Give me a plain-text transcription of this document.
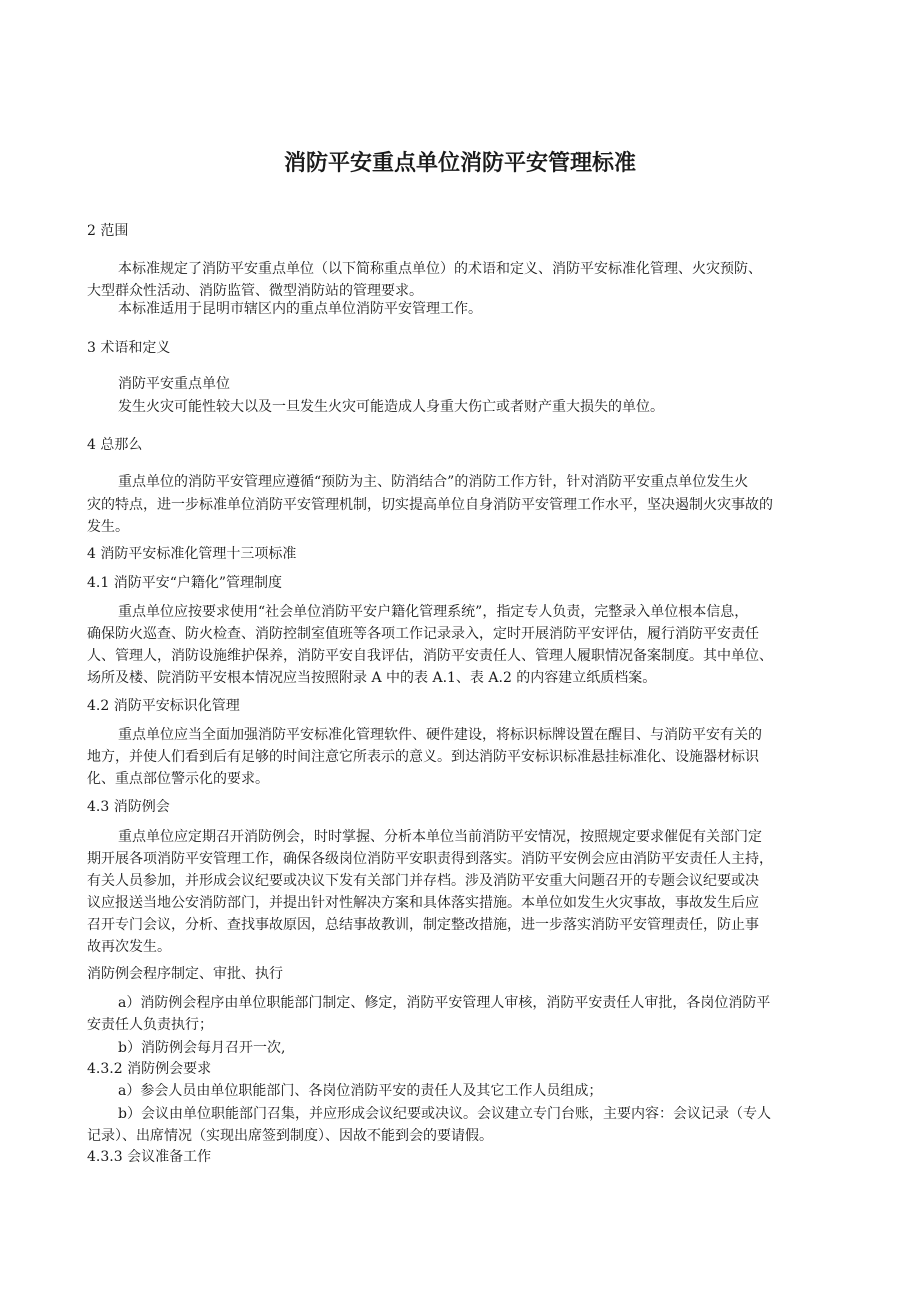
消防平安重点单位消防平安管理标准
2 范围
本标准规定了消防平安重点单位（以下简称重点单位）的术语和定义、消防平安标准化管理、火灾预防、
大型群众性活动、消防监管、微型消防站的管理要求。
本标准适用于昆明市辖区内的重点单位消防平安管理工作。
3 术语和定义
消防平安重点单位
发生火灾可能性较大以及一旦发生火灾可能造成人身重大伤亡或者财产重大损失的单位。
4 总那么
重点单位的消防平安管理应遵循“预防为主、防消结合”的消防工作方针，针对消防平安重点单位发生火
灾的特点，进一步标准单位消防平安管理机制，切实提高单位自身消防平安管理工作水平，坚决遏制火灾事故的
发生。
4 消防平安标准化管理十三项标准
4.1 消防平安“户籍化”管理制度
重点单位应按要求使用“社会单位消防平安户籍化管理系统”，指定专人负责，完整录入单位根本信息，
确保防火巡查、防火检查、消防控制室值班等各项工作记录录入，定时开展消防平安评估，履行消防平安责任
人、管理人，消防设施维护保养，消防平安自我评估，消防平安责任人、管理人履职情况备案制度。其中单位、
场所及楼、院消防平安根本情况应当按照附录 A 中的表 A.1、表 A.2 的内容建立纸质档案。
4.2 消防平安标识化管理
重点单位应当全面加强消防平安标准化管理软件、硬件建设，将标识标牌设置在醒目、与消防平安有关的
地方，并使人们看到后有足够的时间注意它所表示的意义。到达消防平安标识标准悬挂标准化、设施器材标识
化、重点部位警示化的要求。
4.3 消防例会
重点单位应定期召开消防例会，时时掌握、分析本单位当前消防平安情况，按照规定要求催促有关部门定
期开展各项消防平安管理工作，确保各级岗位消防平安职责得到落实。消防平安例会应由消防平安责任人主持，
有关人员参加，并形成会议纪要或决议下发有关部门并存档。涉及消防平安重大问题召开的专题会议纪要或决
议应报送当地公安消防部门，并提出针对性解决方案和具体落实措施。本单位如发生火灾事故，事故发生后应
召开专门会议，分析、查找事故原因，总结事故教训，制定整改措施，进一步落实消防平安管理责任，防止事
故再次发生。
消防例会程序制定、审批、执行
a）消防例会程序由单位职能部门制定、修定，消防平安管理人审核，消防平安责任人审批，各岗位消防平
安责任人负责执行；
b）消防例会每月召开一次,
4.3.2 消防例会要求
a）参会人员由单位职能部门、各岗位消防平安的责任人及其它工作人员组成；
b）会议由单位职能部门召集，并应形成会议纪要或决议。会议建立专门台账，主要内容：会议记录（专人
记录）、出席情况（实现出席签到制度）、因故不能到会的要请假。
4.3.3 会议准备工作
